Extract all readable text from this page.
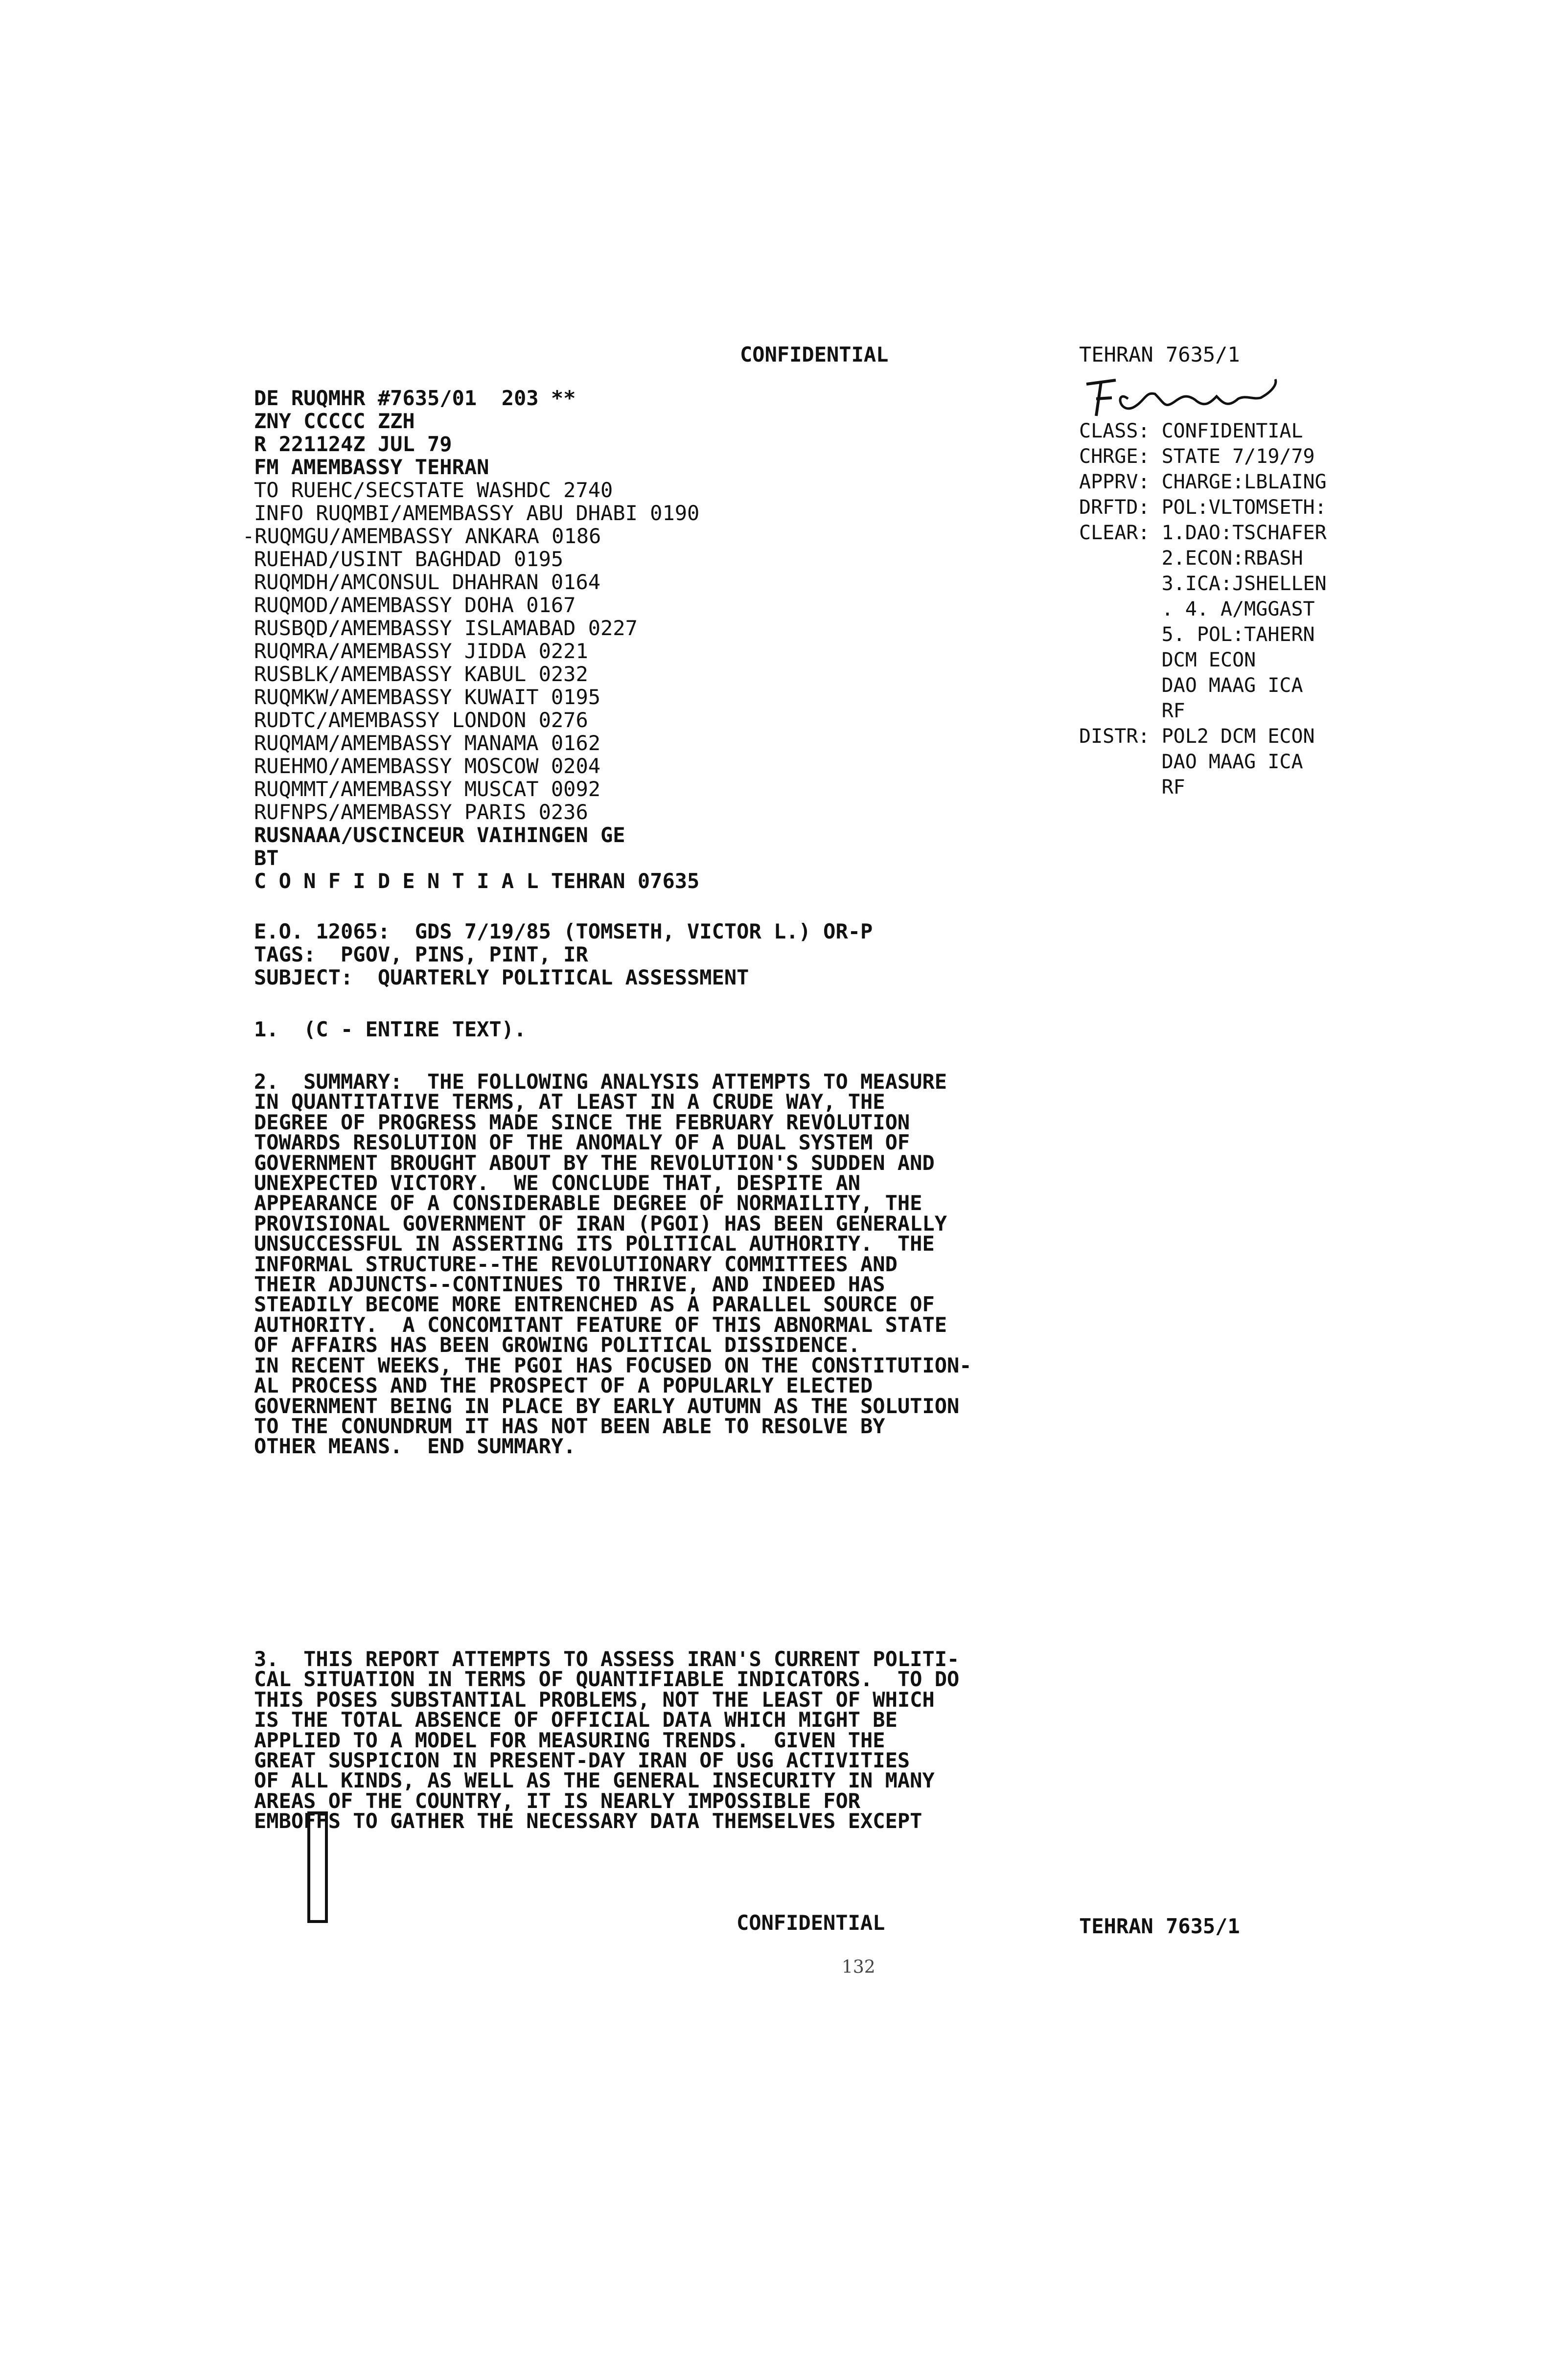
CONFIDENTIAL	TEHRAN 7635/1
DE RUQMHR #7635/01  203 **
ZNY CCCCC ZZH
R 221124Z JUL 79
FM AMEMBASSY TEHRAN
TO RUEHC/SECSTATE WASHDC 2740
INFO RUQMBI/AMEMBASSY ABU DHABI 0190
-RUQMGU/AMEMBASSY ANKARA 0186
RUEHAD/USINT BAGHDAD 0195
RUQMDH/AMCONSUL DHAHRAN 0164
RUQMOD/AMEMBASSY DOHA 0167
RUSBQD/AMEMBASSY ISLAMABAD 0227
RUQMRA/AMEMBASSY JIDDA 0221
RUSBLK/AMEMBASSY KABUL 0232
RUQMKW/AMEMBASSY KUWAIT 0195
RUDTC/AMEMBASSY LONDON 0276
RUQMAM/AMEMBASSY MANAMA 0162
RUEHMO/AMEMBASSY MOSCOW 0204
RUQMMT/AMEMBASSY MUSCAT 0092
RUFNPS/AMEMBASSY PARIS 0236
RUSNAAA/USCINCEUR VAIHINGEN GE
BT
C O N F I D E N T I A L TEHRAN 07635
E.O. 12065:  GDS 7/19/85 (TOMSETH, VICTOR L.) OR-P
TAGS:  PGOV, PINS, PINT, IR
SUBJECT:  QUARTERLY POLITICAL ASSESSMENT
1.  (C - ENTIRE TEXT).
2.  SUMMARY:  THE FOLLOWING ANALYSIS ATTEMPTS TO MEASURE
IN QUANTITATIVE TERMS, AT LEAST IN A CRUDE WAY, THE
DEGREE OF PROGRESS MADE SINCE THE FEBRUARY REVOLUTION
TOWARDS RESOLUTION OF THE ANOMALY OF A DUAL SYSTEM OF
GOVERNMENT BROUGHT ABOUT BY THE REVOLUTION'S SUDDEN AND
UNEXPECTED VICTORY.  WE CONCLUDE THAT, DESPITE AN
APPEARANCE OF A CONSIDERABLE DEGREE OF NORMAILITY, THE
PROVISIONAL GOVERNMENT OF IRAN (PGOI) HAS BEEN GENERALLY
UNSUCCESSFUL IN ASSERTING ITS POLITICAL AUTHORITY.  THE
INFORMAL STRUCTURE--THE REVOLUTIONARY COMMITTEES AND
THEIR ADJUNCTS--CONTINUES TO THRIVE, AND INDEED HAS
STEADILY BECOME MORE ENTRENCHED AS A PARALLEL SOURCE OF
AUTHORITY.  A CONCOMITANT FEATURE OF THIS ABNORMAL STATE
OF AFFAIRS HAS BEEN GROWING POLITICAL DISSIDENCE.
IN RECENT WEEKS, THE PGOI HAS FOCUSED ON THE CONSTITUTION-
AL PROCESS AND THE PROSPECT OF A POPULARLY ELECTED
GOVERNMENT BEING IN PLACE BY EARLY AUTUMN AS THE SOLUTION
TO THE CONUNDRUM IT HAS NOT BEEN ABLE TO RESOLVE BY
OTHER MEANS.  END SUMMARY.
3.  THIS REPORT ATTEMPTS TO ASSESS IRAN'S CURRENT POLITI-
CAL SITUATION IN TERMS OF QUANTIFIABLE INDICATORS.  TO DO
THIS POSES SUBSTANTIAL PROBLEMS, NOT THE LEAST OF WHICH
IS THE TOTAL ABSENCE OF OFFICIAL DATA WHICH MIGHT BE
APPLIED TO A MODEL FOR MEASURING TRENDS.  GIVEN THE
GREAT SUSPICION IN PRESENT-DAY IRAN OF USG ACTIVITIES
OF ALL KINDS, AS WELL AS THE GENERAL INSECURITY IN MANY
AREAS OF THE COUNTRY, IT IS NEARLY IMPOSSIBLE FOR
EMBOFFS TO GATHER THE NECESSARY DATA THEMSELVES EXCEPT
CLASS: CONFIDENTIAL
CHRGE: STATE 7/19/79
APPRV: CHARGE:LBLAING
DRFTD: POL:VLTOMSETH:
CLEAR: 1.DAO:TSCHAFER
2.ECON:RBASH
3.ICA:JSHELLEN
. 4. A/MGGAST
5. POL:TAHERN
DCM ECON
DAO MAAG ICA
RF
DISTR: POL2 DCM ECON
DAO MAAG ICA
RF
CONFIDENTIAL	TEHRAN 7635/1
132
